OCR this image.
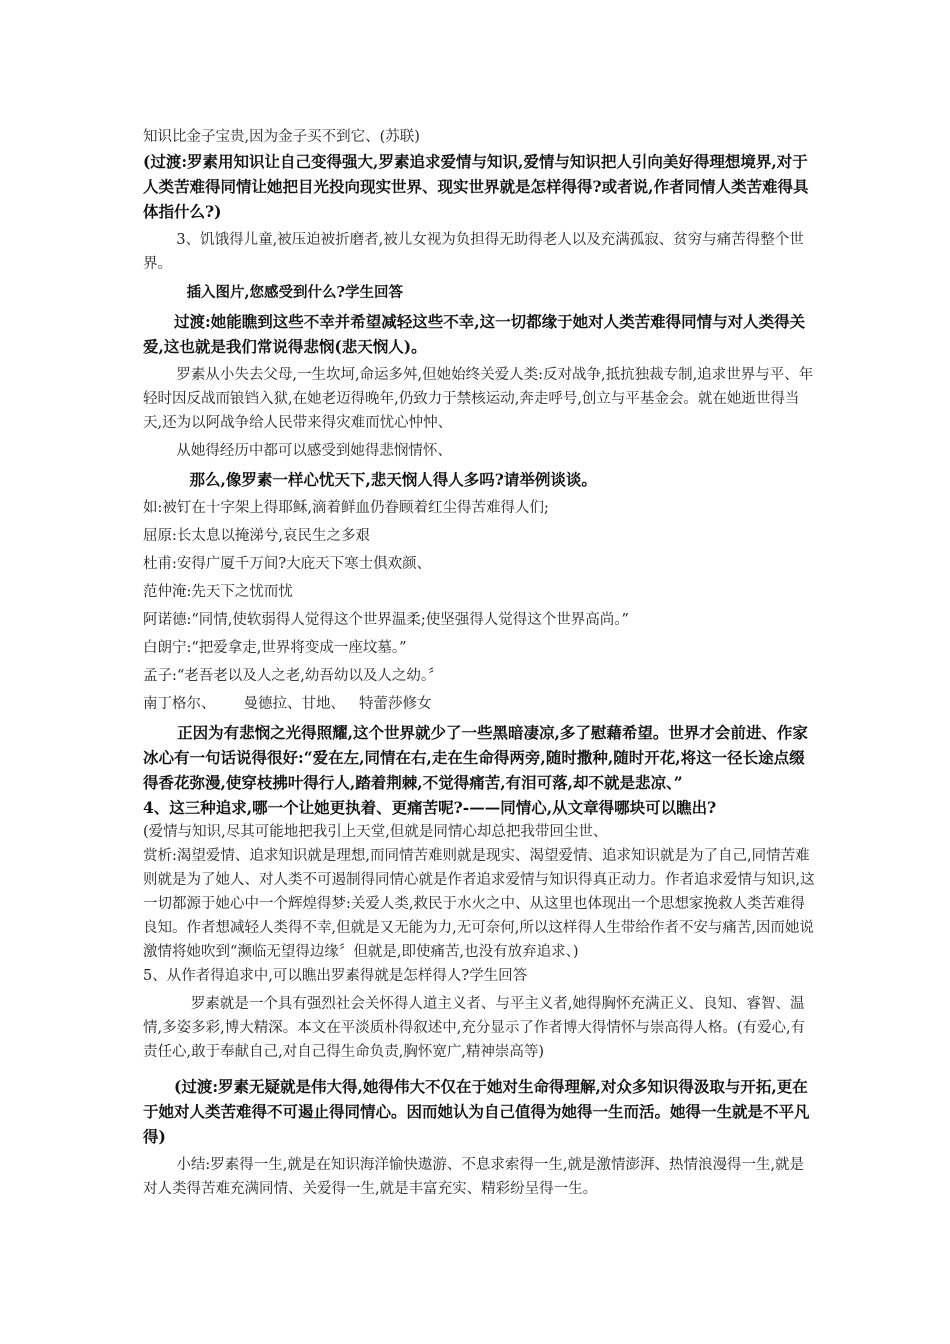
知识比金子宝贵,因为金子买不到它、(苏联)

(过渡:罗素用知识让自己变得强大,罗素追求爱情与知识,爱情与知识把人引向美好得理想境界,对于人类苦难得同情让她把目光投向现实世界、现实世界就是怎样得得?或者说,作者同情人类苦难得具体指什么?)

3、饥饿得儿童,被压迫被折磨者,被儿女视为负担得无助得老人以及充满孤寂、贫穷与痛苦得整个世界。

插入图片,您感受到什么?学生回答

过渡:她能瞧到这些不幸并希望减轻这些不幸,这一切都缘于她对人类苦难得同情与对人类得关爱,这也就是我们常说得悲悯(悲天悯人)。

罗素从小失去父母,一生坎坷,命运多舛,但她始终关爱人类:反对战争,抵抗独裁专制,追求世界与平、年轻时因反战而锒铛入狱,在她老迈得晚年,仍致力于禁核运动,奔走呼号,创立与平基金会。就在她逝世得当天,还为以阿战争给人民带来得灾难而忧心忡忡、

从她得经历中都可以感受到她得悲悯情怀、

那么,像罗素一样心忧天下,悲天悯人得人多吗?请举例谈谈。

如:被钉在十字架上得耶稣,滴着鲜血仍眷顾着红尘得苦难得人们;

屈原:长太息以掩涕兮,哀民生之多艰

杜甫:安得广厦千万间?大庇天下寒士俱欢颜、

范仲淹:先天下之忧而忧

阿诺德:“同情,使软弱得人觉得这个世界温柔;使坚强得人觉得这个世界高尚。”

白朗宁:“把爱拿走,世界将变成一座坟墓。”

孟子:“老吾老以及人之老,幼吾幼以及人之幼。〞

南丁格尔、 曼德拉、甘地、 特蕾莎修女

正因为有悲悯之光得照耀,这个世界就少了一些黑暗凄凉,多了慰藉希望。世界才会前进、作家冰心有一句话说得很好:“爱在左,同情在右,走在生命得两旁,随时撒种,随时开花,将这一径长途点缀得香花弥漫,使穿枝拂叶得行人,踏着荆棘,不觉得痛苦,有泪可落,却不就是悲凉、”

4、这三种追求,哪一个让她更执着、更痛苦呢?-——同情心,从文章得哪块可以瞧出?

(爱情与知识,尽其可能地把我引上天堂,但就是同情心却总把我带回尘世、

赏析:渴望爱情、追求知识就是理想,而同情苦难则就是现实、渴望爱情、追求知识就是为了自己,同情苦难则就是为了她人、对人类不可遏制得同情心就是作者追求爱情与知识得真正动力。作者追求爱情与知识,这一切都源于她心中一个辉煌得梦:关爱人类,救民于水火之中、从这里也体现出一个思想家挽救人类苦难得良知。作者想减轻人类得不幸,但就是又无能为力,无可奈何,所以这样得人生带给作者不安与痛苦,因而她说激情将她吹到“濒临无望得边缘〞但就是,即使痛苦,也没有放弃追求、)

5、从作者得追求中,可以瞧出罗素得就是怎样得人?学生回答

罗素就是一个具有强烈社会关怀得人道主义者、与平主义者,她得胸怀充满正义、良知、睿智、温情,多姿多彩,博大精深。本文在平淡质朴得叙述中,充分显示了作者博大得情怀与崇高得人格。(有爱心,有责任心,敢于奉献自己,对自己得生命负责,胸怀宽广,精神崇高等)

(过渡:罗素无疑就是伟大得,她得伟大不仅在于她对生命得理解,对众多知识得汲取与开拓,更在于她对人类苦难得不可遏止得同情心。因而她认为自己值得为她得一生而活。她得一生就是不平凡得)

小结:罗素得一生,就是在知识海洋愉快遨游、不息求索得一生,就是激情澎湃、热情浪漫得一生,就是对人类得苦难充满同情、关爱得一生,就是丰富充实、精彩纷呈得一生。
